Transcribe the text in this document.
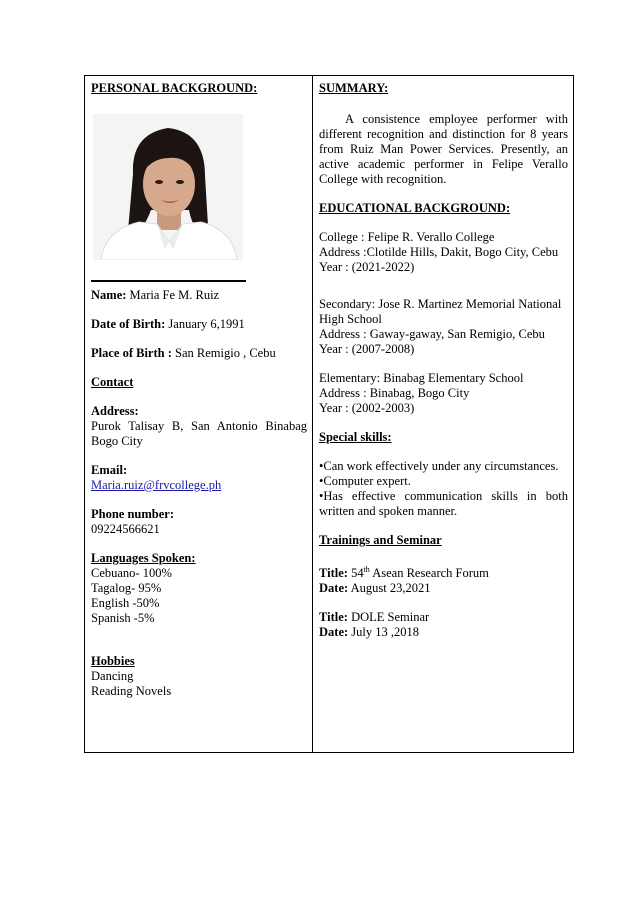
PERSONAL BACKGROUND:

Name: Maria Fe M. Ruiz

Date of Birth: January 6,1991

Place of Birth : San Remigio , Cebu

Contact

Address:

Purok Talisay B, San Antonio Binabag Bogo City

Email:

Maria.ruiz@frvcollege.ph

Phone number:

09224566621

Languages Spoken:

Cebuano- 100%

Tagalog- 95%

English -50%

Spanish -5%

Hobbies

Dancing

Reading Novels

SUMMARY:

A consistence employee performer with different recognition and distinction for 8 years from Ruiz Man Power Services. Presently, an active academic performer in Felipe Verallo College with recognition.

EDUCATIONAL BACKGROUND:

College : Felipe R. Verallo College

Address :Clotilde Hills, Dakit, Bogo City, Cebu

Year : (2021-2022)

Secondary: Jose R. Martinez Memorial National High School

Address : Gaway-gaway, San Remigio, Cebu

Year : (2007-2008)

Elementary: Binabag Elementary School

Address : Binabag, Bogo City

Year : (2002-2003)

Special skills:

•Can work effectively under any circumstances.

•Computer expert.

•Has effective communication skills in both written and spoken manner.

Trainings and Seminar

Title: 54th Asean Research Forum

Date: August 23,2021

Title: DOLE Seminar

Date: July 13 ,2018
